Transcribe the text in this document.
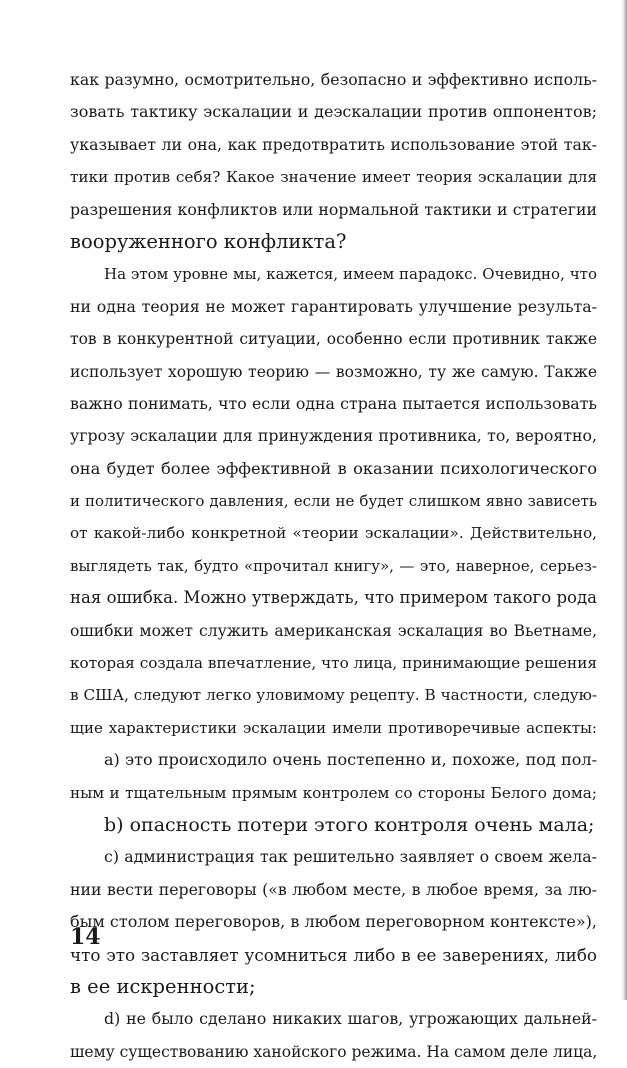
как разумно, осмотрительно, безопасно и эффективно исполь-
зовать тактику эскалации и деэскалации против оппонентов;
указывает ли она, как предотвратить использование этой так-
тики против себя? Какое значение имеет теория эскалации для
разрешения конфликтов или нормальной тактики и стратегии
вооруженного конфликта?
На этом уровне мы, кажется, имеем парадокс. Очевидно, что
ни одна теория не может гарантировать улучшение результа-
тов в конкурентной ситуации, особенно если противник также
использует хорошую теорию — возможно, ту же самую. Также
важно понимать, что если одна страна пытается использовать
угрозу эскалации для принуждения противника, то, вероятно,
она будет более эффективной в оказании психологического
и политического давления, если не будет слишком явно зависеть
от какой-либо конкретной «теории эскалации». Действительно,
выглядеть так, будто «прочитал книгу», — это, наверное, серьез-
ная ошибка. Можно утверждать, что примером такого рода
ошибки может служить американская эскалация во Вьетнаме,
которая создала впечатление, что лица, принимающие решения
в США, следуют легко уловимому рецепту. В частности, следую-
щие характеристики эскалации имели противоречивые аспекты:
a) это происходило очень постепенно и, похоже, под пол-
ным и тщательным прямым контролем со стороны Белого дома;
b) опасность потери этого контроля очень мала;
c) администрация так решительно заявляет о своем жела-
нии вести переговоры («в любом месте, в любое время, за лю-
бым столом переговоров, в любом переговорном контексте»),
что это заставляет усомниться либо в ее заверениях, либо
в ее искренности;
d) не было сделано никаких шагов, угрожающих дальней-
шему существованию ханойского режима. На самом деле лица,
14
